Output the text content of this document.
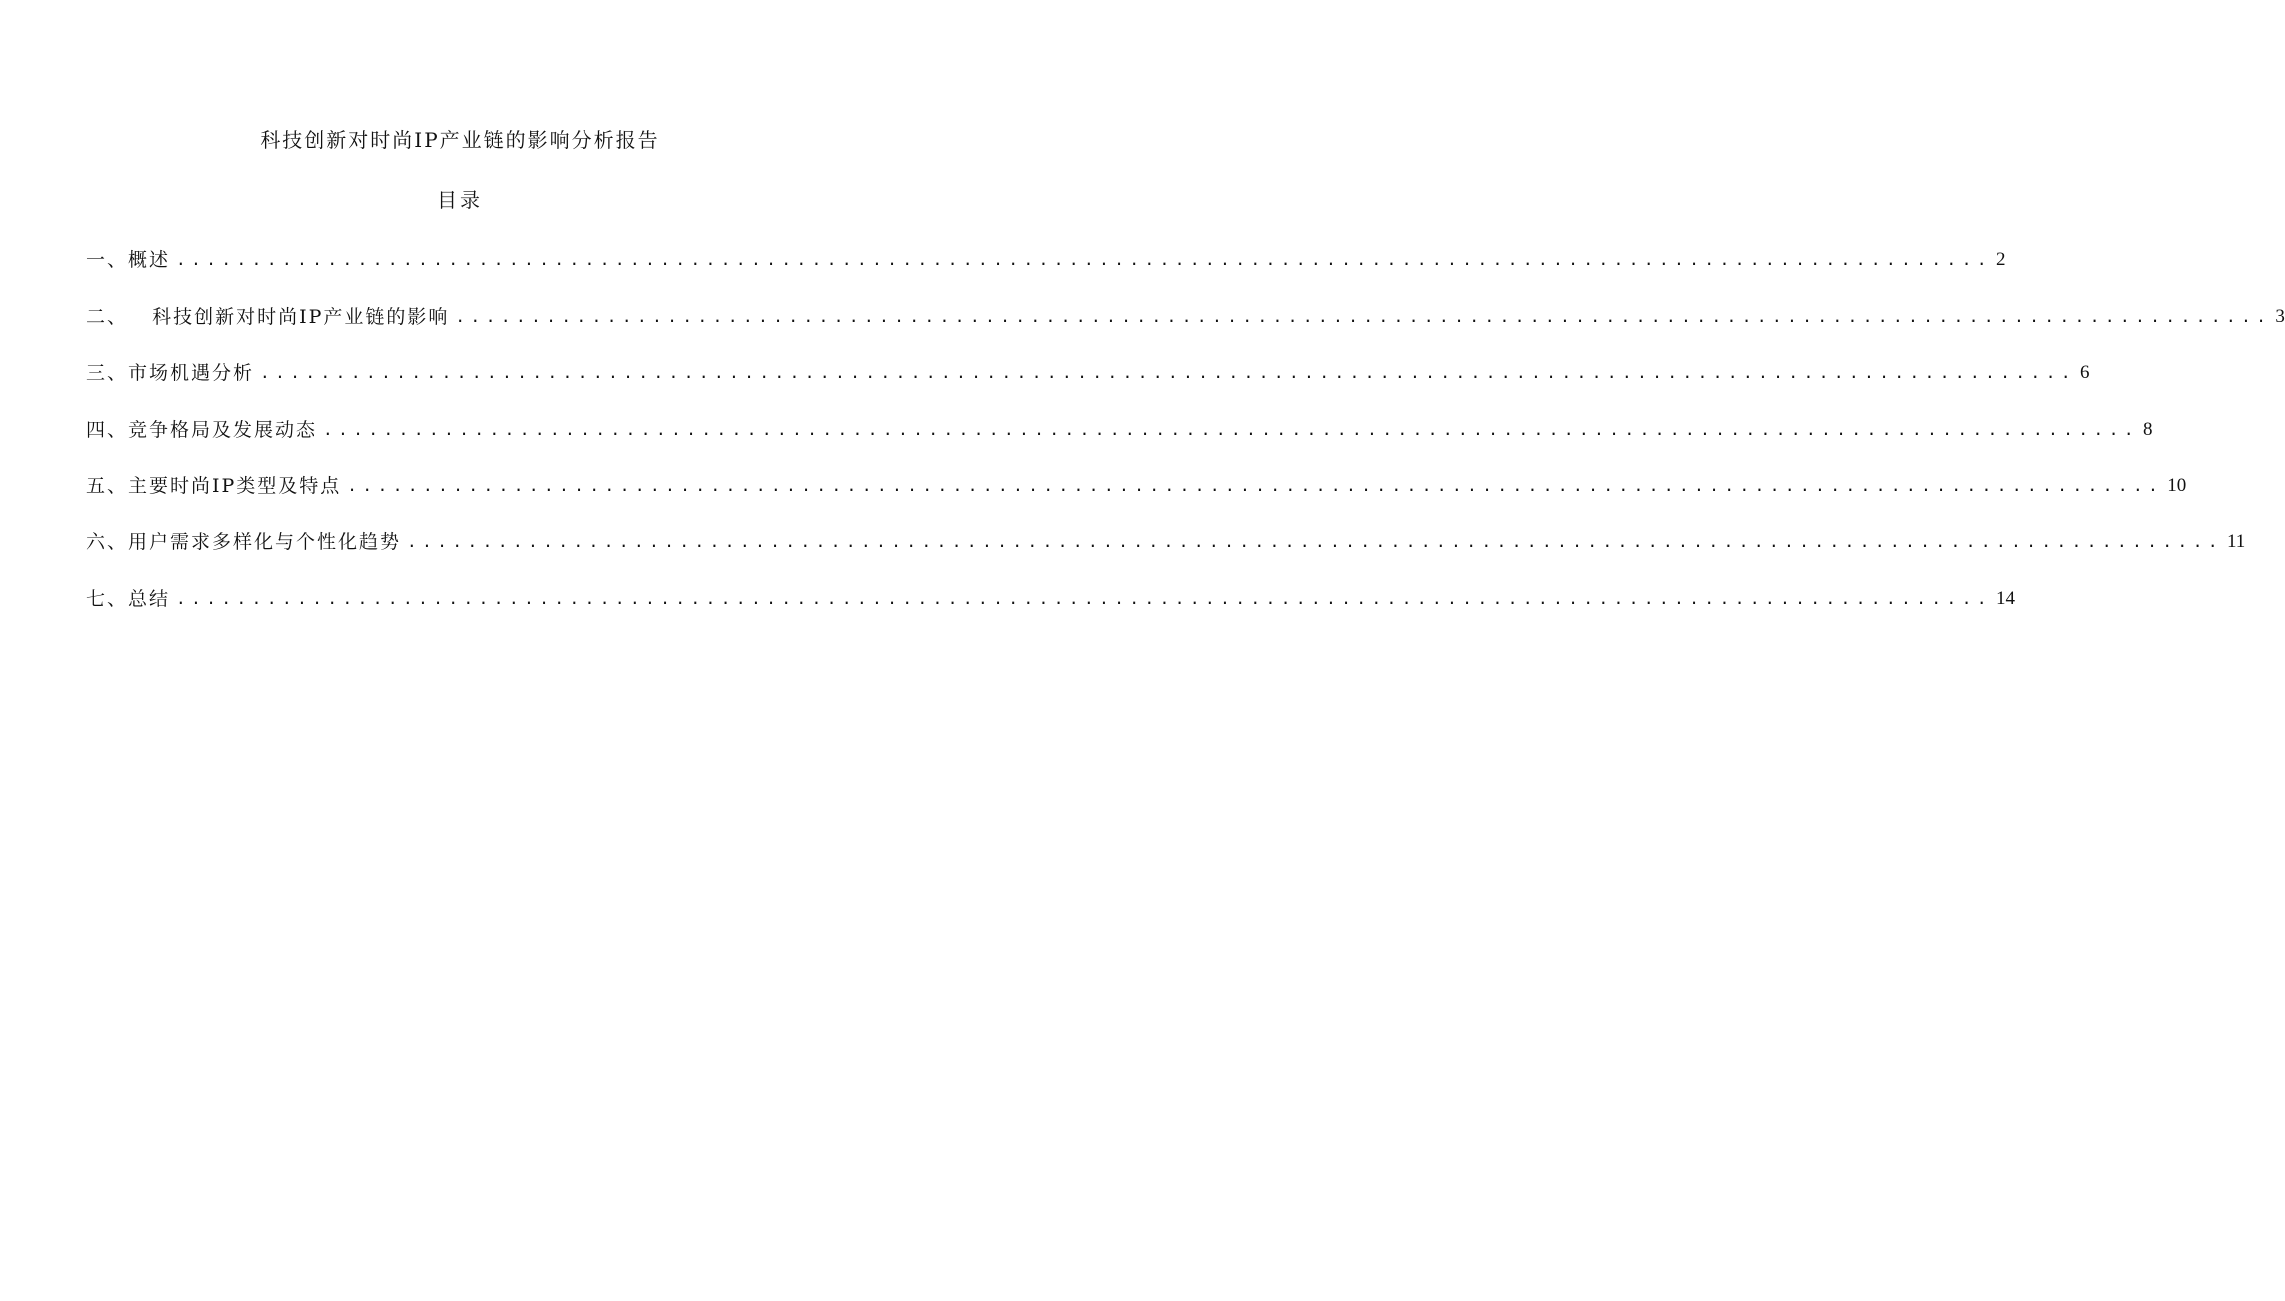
科技创新对时尚IP产业链的影响分析报告
目录
一、概述 ........................................................................................................................ 2
二、   科技创新对时尚IP产业链的影响 ........................................................................................................................ 3
三、市场机遇分析 ........................................................................................................................ 6
四、竞争格局及发展动态 ........................................................................................................................ 8
五、主要时尚IP类型及特点 ........................................................................................................................ 10
六、用户需求多样化与个性化趋势 ........................................................................................................................ 11
七、总结 ........................................................................................................................ 14
